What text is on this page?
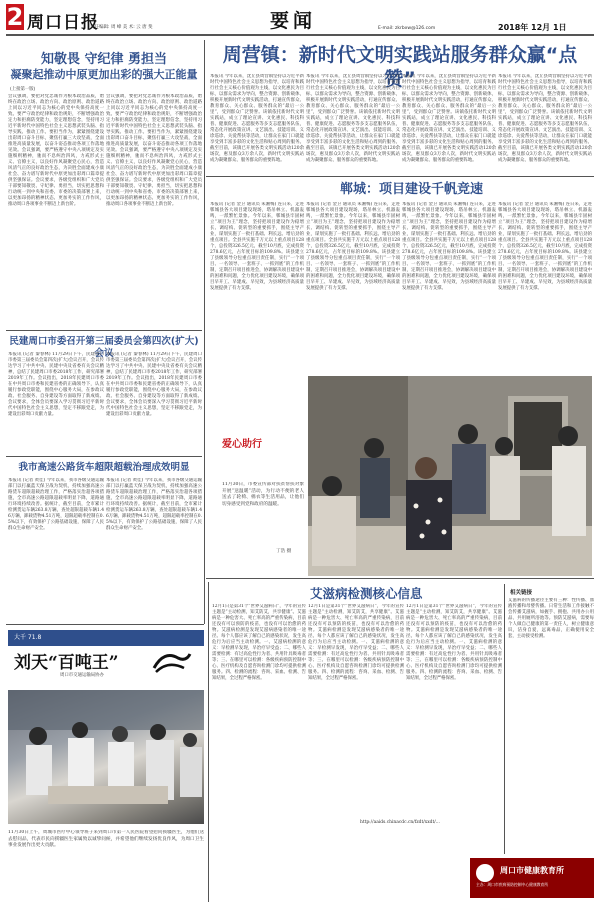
2 周口日报
责任编辑: 周 峰 美 术: 云 唐 斐	要闻	E-mail: zkrbxw@126.com	2018年 12月 1日
知敬畏 守纪律 勇担当
凝聚起推动中原更加出彩的强大正能量
(上接第一版)
会议强调，要把对党忠诚作为根本政治品质，始终在政治立场、政治方向、政治原则、政治道路上同以习近平同志为核心的党中央保持高度一致。要严守政治纪律和政治规矩，不断增强政治定力和拒腐防变能力，坚定理想信念，坚持用习近平新时代中国特色社会主义思想武装头脑、指导实践、推动工作。要担当作为，紧紧围绕建设出彩周口奋斗目标，聚焦打赢三大攻坚战，全面推进高质量发展，以奋斗姿态推动各项工作落地见效。会议强调，要严格遵守中央八项规定及实施细则精神，驰而不息纠治四风，力戒形式主义、官僚主义，以良好作风凝聚党心民心，营造风清气正的良好政治生态，为决胜全面建成小康社会、奋力谱写新时代中原更加出彩周口篇章提供坚强保证。会议要求，各级党组织和广大党员干部要知敬畏、守纪律、勇担当，切实把思想和行动统一到中央和省委、市委的决策部署上来，以更加昂扬的精神状态、更加务实的工作作风，推动周口各项事业不断迈上新台阶。
会议强调，要把对党忠诚作为根本政治品质，始终在政治立场、政治方向、政治原则、政治道路上同以习近平同志为核心的党中央保持高度一致。要严守政治纪律和政治规矩，不断增强政治定力和拒腐防变能力，坚定理想信念，坚持用习近平新时代中国特色社会主义思想武装头脑、指导实践、推动工作。要担当作为，紧紧围绕建设出彩周口奋斗目标，聚焦打赢三大攻坚战，全面推进高质量发展，以奋斗姿态推动各项工作落地见效。会议强调，要严格遵守中央八项规定及实施细则精神，驰而不息纠治四风，力戒形式主义、官僚主义，以良好作风凝聚党心民心，营造风清气正的良好政治生态，为决胜全面建成小康社会、奋力谱写新时代中原更加出彩周口篇章提供坚强保证。会议要求，各级党组织和广大党员干部要知敬畏、守纪律、勇担当，切实把思想和行动统一到中央和省委、市委的决策部署上来，以更加昂扬的精神状态、更加务实的工作作风，推动周口各项事业不断迈上新台阶。
民建周口市委召开第三届委员会第四次(扩大)会议
本报讯 (记者 秦春林) 11月29日下午，民建周口市委第三届委员会第四次(扩大)会议召开，会议传达学习了中共中央、民建中央及省委有关会议精神，总结了民建周口市委2018年工作，研究部署2019年工作。会议指出，2018年民建周口市委在中共周口市委和民建省委的正确领导下，认真履行参政党职能，围绕中心服务大局，在参政议政、社会服务、自身建设等方面取得了新成绩。会议要求，全体会员要深入学习贯彻习近平新时代中国特色社会主义思想，坚定不移跟党走，为建设出彩周口贡献力量。
本报讯 (记者 秦春林) 11月29日下午，民建周口市委第三届委员会第四次(扩大)会议召开，会议传达学习了中共中央、民建中央及省委有关会议精神，总结了民建周口市委2018年工作，研究部署2019年工作。会议指出，2018年民建周口市委在中共周口市委和民建省委的正确领导下，认真履行参政党职能，围绕中心服务大局，在参政议政、社会服务、自身建设等方面取得了新成绩。会议要求，全体会员要深入学习贯彻习近平新时代中国特色社会主义思想，坚定不移跟党走，为建设出彩周口贡献力量。
我市高速公路货车超限超载治理成效明显
本报讯 (记者 黄佳) 今年以来，我市各级交通运输部门以打赢蓝天保卫战为契机，持续加强高速公路货车超限超载治理工作，严格落实治超各项措施，全市高速公路超限超载率明显下降，道路通行环境持续改善。据统计，截至目前，全市累计检测货运车辆263.8万辆，查处超限超载车辆1.46万辆，卸载货物4.51万吨，超限超载率控制在0.5%以下，有效保护了公路基础设施，保障了人民群众生命财产安全。
本报讯 (记者 黄佳) 今年以来，我市各级交通运输部门以打赢蓝天保卫战为契机，持续加强高速公路货车超限超载治理工作，严格落实治超各项措施，全市高速公路超限超载率明显下降，道路通行环境持续改善。据统计，截至目前，全市累计检测货运车辆263.8万辆，查处超限超载车辆1.46万辆，卸载货物4.51万吨，超限超载率控制在0.5%以下，有效保护了公路基础设施，保障了人民群众生命财产安全。
大千 71.8
刘天“百吨王”
周口市交通运输局协办
11月30日上午，周城市医疗中心领导班子来到周口市第一人民医院看望慰问援疆医生，为他们送去慰问品，代表市民向援疆医生家属致以诚挚问候，并希望他们继续发扬优良作风，为周口卫生事业发展作出更大贡献。
周营镇：新时代文明实践站服务群众赢“点赞”
本报讯 今年以来，沈丘县周营镇坚持以习近平新时代中国特色社会主义思想为指导，以培育和践行社会主义核心价值观为主线，以文化惠民为目标，以群众需求为导向，整合资源、创新载体，积极开展新时代文明实践活动，打通宣传群众、教育群众、关心群众、服务群众的“最后一公里”，受到群众广泛赞誉。该镇依托新时代文明实践站，成立了理论宣讲、文化惠民、科技科普、健康促进、志愿服务等多支志愿服务队伍，常态化开展政策宣讲、文艺演出、技能培训、义诊巡诊、关爱帮扶等活动，让群众在家门口就能享受到丰富多彩的文化生活和贴心周到的服务。截至目前，该镇已开展各类文明实践活动120余场次，惠及群众3万余人次，新时代文明实践站成为凝聚群众、服务群众的重要阵地。
本报讯 今年以来，沈丘县周营镇坚持以习近平新时代中国特色社会主义思想为指导，以培育和践行社会主义核心价值观为主线，以文化惠民为目标，以群众需求为导向，整合资源、创新载体，积极开展新时代文明实践活动，打通宣传群众、教育群众、关心群众、服务群众的“最后一公里”，受到群众广泛赞誉。该镇依托新时代文明实践站，成立了理论宣讲、文化惠民、科技科普、健康促进、志愿服务等多支志愿服务队伍，常态化开展政策宣讲、文艺演出、技能培训、义诊巡诊、关爱帮扶等活动，让群众在家门口就能享受到丰富多彩的文化生活和贴心周到的服务。截至目前，该镇已开展各类文明实践活动120余场次，惠及群众3万余人次，新时代文明实践站成为凝聚群众、服务群众的重要阵地。
本报讯 今年以来，沈丘县周营镇坚持以习近平新时代中国特色社会主义思想为指导，以培育和践行社会主义核心价值观为主线，以文化惠民为目标，以群众需求为导向，整合资源、创新载体，积极开展新时代文明实践活动，打通宣传群众、教育群众、关心群众、服务群众的“最后一公里”，受到群众广泛赞誉。该镇依托新时代文明实践站，成立了理论宣讲、文化惠民、科技科普、健康促进、志愿服务等多支志愿服务队伍，常态化开展政策宣讲、文艺演出、技能培训、义诊巡诊、关爱帮扶等活动，让群众在家门口就能享受到丰富多彩的文化生活和贴心周到的服务。截至目前，该镇已开展各类文明实践活动120余场次，惠及群众3万余人次，新时代文明实践站成为凝聚群众、服务群众的重要阵地。
本报讯 今年以来，沈丘县周营镇坚持以习近平新时代中国特色社会主义思想为指导，以培育和践行社会主义核心价值观为主线，以文化惠民为目标，以群众需求为导向，整合资源、创新载体，积极开展新时代文明实践活动，打通宣传群众、教育群众、关心群众、服务群众的“最后一公里”，受到群众广泛赞誉。该镇依托新时代文明实践站，成立了理论宣讲、文化惠民、科技科普、健康促进、志愿服务等多支志愿服务队伍，常态化开展政策宣讲、文艺演出、技能培训、义诊巡诊、关爱帮扶等活动，让群众在家门口就能享受到丰富多彩的文化生活和贴心周到的服务。截至目前，该镇已开展各类文明实践活动120余场次，惠及群众3万余人次，新时代文明实践站成为凝聚群众、服务群众的重要阵地。
郸城：项目建设千帆竞速
本报讯 (记者 金卫 通讯员 朱湘梅) 连日来，走进郸城县各大项目建设现场，塔吊林立、机器轰鸣，一派繁忙景象。今年以来，郸城县牢固树立“项目为王”理念，坚持把项目建设作为稳增长、调结构、促转型的重要抓手，围绕主导产业，谋划实施了一批打基础、利长远、增后劲的重点项目。全县共实施千万元以上重点项目128个，总投资326.5亿元，截至10月底，完成投资278.6亿元，占年度目标的109.8%。该县建立了县级领导分包重点项目责任制，实行“一个项目、一名领导、一套班子、一抓到底”的工作机制，定期召开项目推进会，协调解决项目建设中的困难和问题，全力优化项目建设环境，确保项目早开工、早建成、早见效，为县域经济高质量发展提供了有力支撑。
本报讯 (记者 金卫 通讯员 朱湘梅) 连日来，走进郸城县各大项目建设现场，塔吊林立、机器轰鸣，一派繁忙景象。今年以来，郸城县牢固树立“项目为王”理念，坚持把项目建设作为稳增长、调结构、促转型的重要抓手，围绕主导产业，谋划实施了一批打基础、利长远、增后劲的重点项目。全县共实施千万元以上重点项目128个，总投资326.5亿元，截至10月底，完成投资278.6亿元，占年度目标的109.8%。该县建立了县级领导分包重点项目责任制，实行“一个项目、一名领导、一套班子、一抓到底”的工作机制，定期召开项目推进会，协调解决项目建设中的困难和问题，全力优化项目建设环境，确保项目早开工、早建成、早见效，为县域经济高质量发展提供了有力支撑。
本报讯 (记者 金卫 通讯员 朱湘梅) 连日来，走进郸城县各大项目建设现场，塔吊林立、机器轰鸣，一派繁忙景象。今年以来，郸城县牢固树立“项目为王”理念，坚持把项目建设作为稳增长、调结构、促转型的重要抓手，围绕主导产业，谋划实施了一批打基础、利长远、增后劲的重点项目。全县共实施千万元以上重点项目128个，总投资326.5亿元，截至10月底，完成投资278.6亿元，占年度目标的109.8%。该县建立了县级领导分包重点项目责任制，实行“一个项目、一名领导、一套班子、一抓到底”的工作机制，定期召开项目推进会，协调解决项目建设中的困难和问题，全力优化项目建设环境，确保项目早开工、早建成、早见效，为县域经济高质量发展提供了有力支撑。
本报讯 (记者 金卫 通讯员 朱湘梅) 连日来，走进郸城县各大项目建设现场，塔吊林立、机器轰鸣，一派繁忙景象。今年以来，郸城县牢固树立“项目为王”理念，坚持把项目建设作为稳增长、调结构、促转型的重要抓手，围绕主导产业，谋划实施了一批打基础、利长远、增后劲的重点项目。全县共实施千万元以上重点项目128个，总投资326.5亿元，截至10月底，完成投资278.6亿元，占年度目标的109.8%。该县建立了县级领导分包重点项目责任制，实行“一个项目、一名领导、一套班子、一抓到底”的工作机制，定期召开项目推进会，协调解决项目建设中的困难和问题，全力优化项目建设环境，确保项目早开工、早建成、早见效，为县域经济高质量发展提供了有力支撑。
爱心助行
11月30日，市委宣传部对扶贫帮扶对象开展“送温暖”活动，为行动不便的老人送去了轮椅、棉衣等生活用品，让他们切身感受到党和政府的温暖。
丁浩 摄
艾滋病检测核心信息
12月1日是第31个“世界艾滋病日”，今年的宣传主题是“主动检测，知艾防艾，共享健康”。艾滋病是一种危害大、死亡率高的严重传染病，目前还没有可以预防的疫苗，也没有可以治愈的药物。艾滋病检测是发现艾滋病感染者的唯一途径。每个人都应该了解自己的感染状况，发生高危行为后应当主动检测。一、艾滋病检测的意义：早检测早发现，早治疗早受益；二、哪些人需要检测：有过高危性行为者、共用针具吸毒者等；三、在哪里可以检测：各级疾病预防控制中心、医疗机构及自愿咨询检测门诊均可提供检测服务。四、检测的流程：咨询、采血、检测、告知结果，全过程严格保密。
12月1日是第31个“世界艾滋病日”，今年的宣传主题是“主动检测，知艾防艾，共享健康”。艾滋病是一种危害大、死亡率高的严重传染病，目前还没有可以预防的疫苗，也没有可以治愈的药物。艾滋病检测是发现艾滋病感染者的唯一途径。每个人都应该了解自己的感染状况，发生高危行为后应当主动检测。一、艾滋病检测的意义：早检测早发现，早治疗早受益；二、哪些人需要检测：有过高危性行为者、共用针具吸毒者等；三、在哪里可以检测：各级疾病预防控制中心、医疗机构及自愿咨询检测门诊均可提供检测服务。四、检测的流程：咨询、采血、检测、告知结果，全过程严格保密。
12月1日是第31个“世界艾滋病日”，今年的宣传主题是“主动检测，知艾防艾，共享健康”。艾滋病是一种危害大、死亡率高的严重传染病，目前还没有可以预防的疫苗，也没有可以治愈的药物。艾滋病检测是发现艾滋病感染者的唯一途径。每个人都应该了解自己的感染状况，发生高危行为后应当主动检测。一、艾滋病检测的意义：早检测早发现，早治疗早受益；二、哪些人需要检测：有过高危性行为者、共用针具吸毒者等；三、在哪里可以检测：各级疾病预防控制中心、医疗机构及自愿咨询检测门诊均可提供检测服务。四、检测的流程：咨询、采血、检测、告知结果，全过程严格保密。
http://aaids.chinacdc.cn/fzdt/xxdt/...
相关链接
艾滋病的传播途径主要有三种：性传播、血液传播和母婴传播。日常生活和工作接触不会传播艾滋病，如握手、拥抱、共用办公用品、共用厕所浴池等。预防艾滋病，需要每个人做自己健康的第一责任人，树立健康意识，洁身自爱，远离毒品，正确使用安全套，主动接受检测。
周口市健康教育所
主办：周口市疾病预防控制中心健康教育所
